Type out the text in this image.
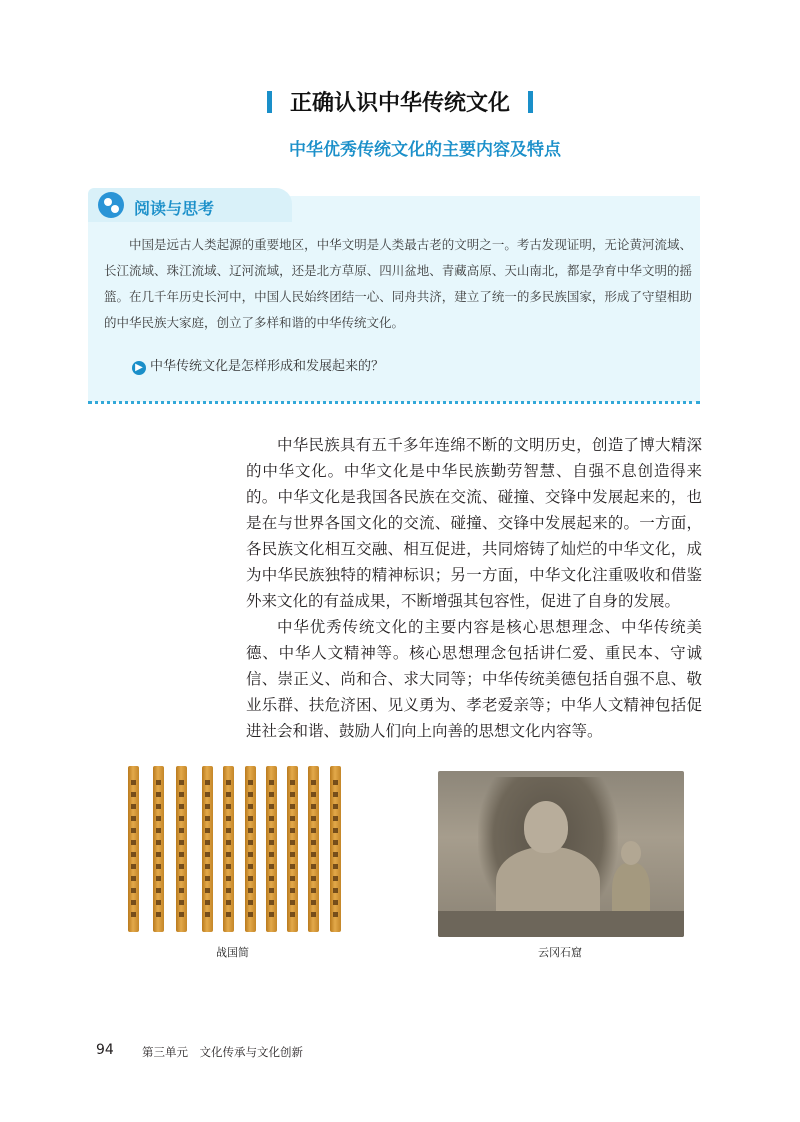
正确认识中华传统文化
中华优秀传统文化的主要内容及特点
阅读与思考
中国是远古人类起源的重要地区，中华文明是人类最古老的文明之一。考古发现证明，无论黄河流域、长江流域、珠江流域、辽河流域，还是北方草原、四川盆地、青藏高原、天山南北，都是孕育中华文明的摇篮。在几千年历史长河中，中国人民始终团结一心、同舟共济，建立了统一的多民族国家，形成了守望相助的中华民族大家庭，创立了多样和谐的中华传统文化。
▶ 中华传统文化是怎样形成和发展起来的？

中华民族具有五千多年连绵不断的文明历史，创造了博大精深的中华文化。中华文化是中华民族勤劳智慧、自强不息创造得来的。中华文化是我国各民族在交流、碰撞、交锋中发展起来的，也是在与世界各国文化的交流、碰撞、交锋中发展起来的。一方面，各民族文化相互交融、相互促进，共同熔铸了灿烂的中华文化，成为中华民族独特的精神标识；另一方面，中华文化注重吸收和借鉴外来文化的有益成果，不断增强其包容性，促进了自身的发展。

中华优秀传统文化的主要内容是核心思想理念、中华传统美德、中华人文精神等。核心思想理念包括讲仁爱、重民本、守诚信、崇正义、尚和合、求大同等；中华传统美德包括自强不息、敬业乐群、扶危济困、见义勇为、孝老爱亲等；中华人文精神包括促进社会和谐、鼓励人们向上向善的思想文化内容等。

战国简	云冈石窟
94 第三单元　文化传承与文化创新
